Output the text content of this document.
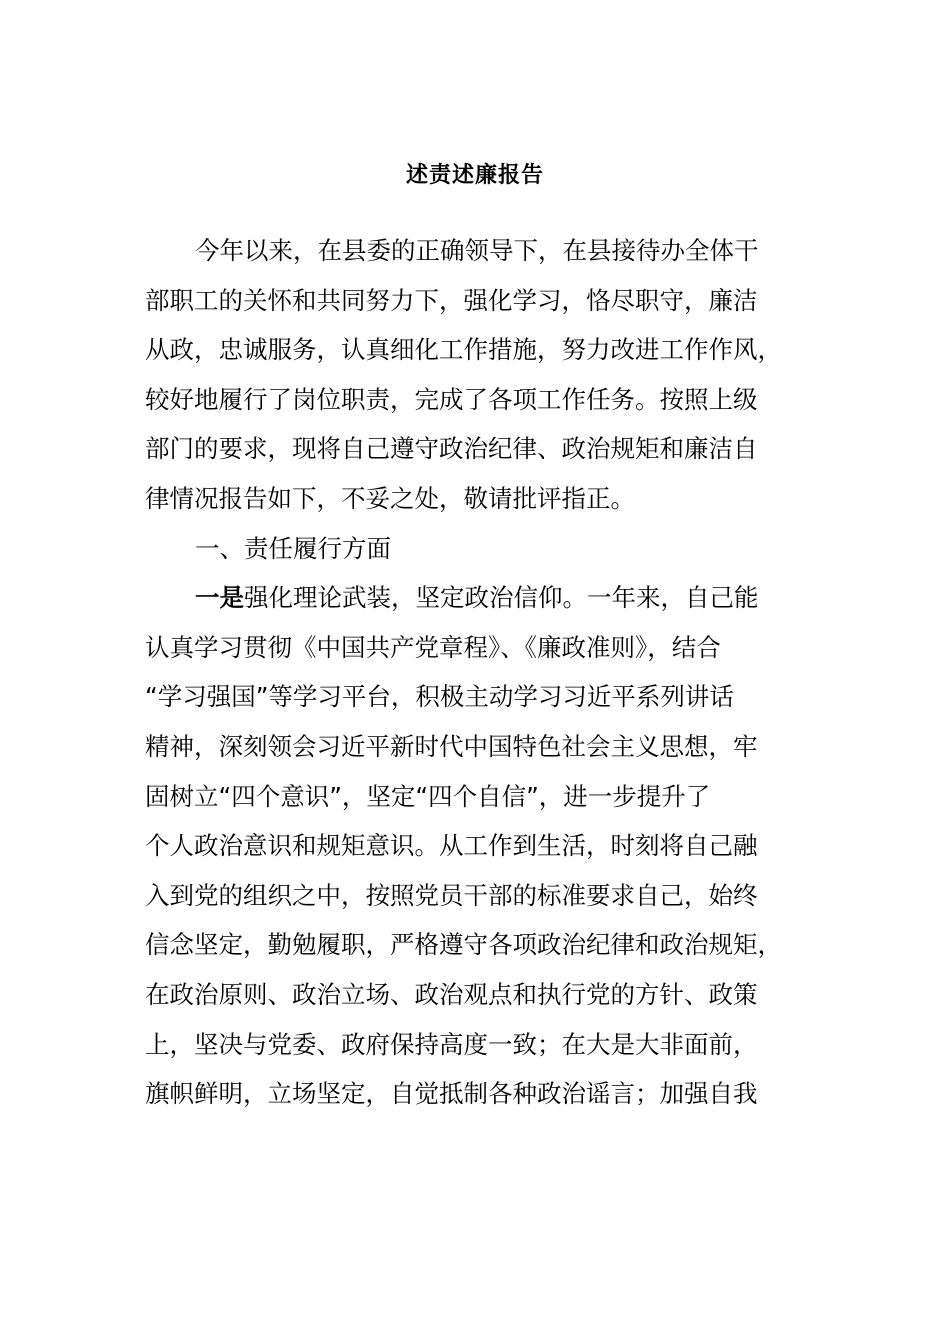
述责述廉报告
今年以来，在县委的正确领导下，在县接待办全体干
部职工的关怀和共同努力下，强化学习，恪尽职守，廉洁
从政，忠诚服务，认真细化工作措施，努力改进工作作风，
较好地履行了岗位职责，完成了各项工作任务。按照上级
部门的要求，现将自己遵守政治纪律、政治规矩和廉洁自
律情况报告如下，不妥之处，敬请批评指正。
一、责任履行方面
一是强化理论武装，坚定政治信仰。一年来，自己能
认真学习贯彻《中国共产党章程》、《廉政准则》，结合
“学习强国”等学习平台，积极主动学习习近平系列讲话
精神，深刻领会习近平新时代中国特色社会主义思想，牢
固树立“四个意识”，坚定“四个自信”，进一步提升了
个人政治意识和规矩意识。从工作到生活，时刻将自己融
入到党的组织之中，按照党员干部的标准要求自己，始终
信念坚定，勤勉履职，严格遵守各项政治纪律和政治规矩，
在政治原则、政治立场、政治观点和执行党的方针、政策
上，坚决与党委、政府保持高度一致；在大是大非面前，
旗帜鲜明，立场坚定，自觉抵制各种政治谣言；加强自我
